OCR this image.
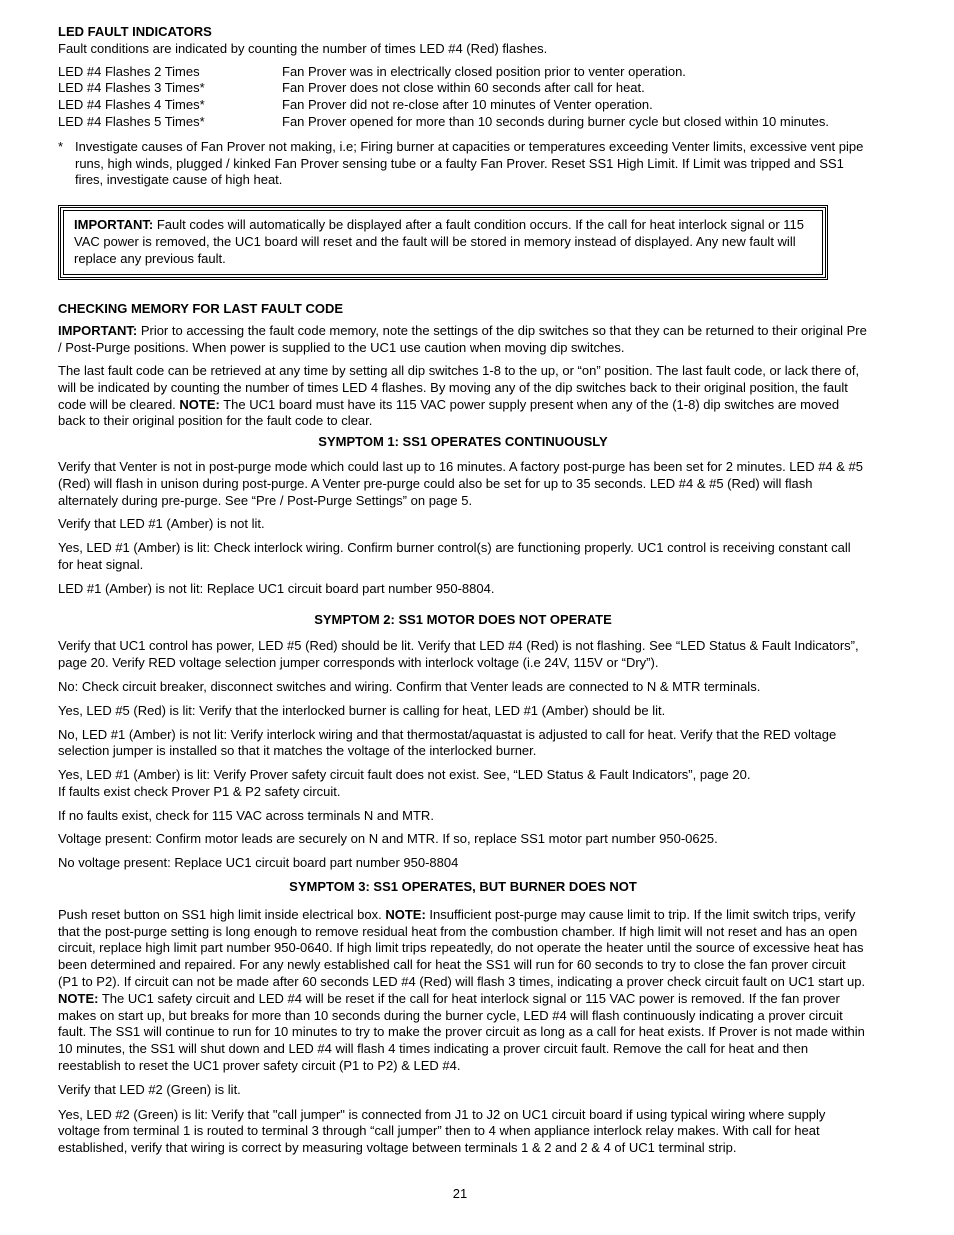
LED FAULT INDICATORS

Fault conditions are indicated by counting the number of times LED #4 (Red) flashes.

LED #4 Flashes 2 Times	Fan Prover was in electrically closed position prior to venter operation.
LED #4 Flashes 3 Times*	Fan Prover does not close within 60 seconds after call for heat.
LED #4 Flashes 4 Times*	Fan Prover did not re-close after 10 minutes of Venter operation.
LED #4 Flashes 5 Times*	Fan Prover opened for more than 10 seconds during burner cycle but closed within 10 minutes.
* Investigate causes of Fan Prover not making, i.e; Firing burner at capacities or temperatures exceeding Venter limits, excessive vent pipe runs, high winds, plugged / kinked Fan Prover sensing tube or a faulty Fan Prover. Reset SS1 High Limit. If Limit was tripped and SS1 fires, investigate cause of high heat.
IMPORTANT: Fault codes will automatically be displayed after a fault condition occurs. If the call for heat interlock signal or 115 VAC power is removed, the UC1 board will reset and the fault will be stored in memory instead of displayed. Any new fault will replace any previous fault.

CHECKING MEMORY FOR LAST FAULT CODE

IMPORTANT: Prior to accessing the fault code memory, note the settings of the dip switches so that they can be returned to their original Pre / Post-Purge positions. When power is supplied to the UC1 use caution when moving dip switches.

The last fault code can be retrieved at any time by setting all dip switches 1-8 to the up, or “on” position. The last fault code, or lack there of, will be indicated by counting the number of times LED 4 flashes. By moving any of the dip switches back to their original position, the fault code will be cleared. NOTE: The UC1 board must have its 115 VAC power supply present when any of the (1-8) dip switches are moved back to their original position for the fault code to clear.

SYMPTOM 1: SS1 OPERATES CONTINUOUSLY

Verify that Venter is not in post-purge mode which could last up to 16 minutes. A factory post-purge has been set for 2 minutes. LED #4 & #5 (Red) will flash in unison during post-purge. A Venter pre-purge could also be set for up to 35 seconds. LED #4 & #5 (Red) will flash alternately during pre-purge. See “Pre / Post-Purge Settings” on page 5.

Verify that LED #1 (Amber) is not lit.

Yes, LED #1 (Amber) is lit: Check interlock wiring. Confirm burner control(s) are functioning properly. UC1 control is receiving constant call for heat signal.

LED #1 (Amber) is not lit: Replace UC1 circuit board part number 950-8804.

SYMPTOM 2: SS1 MOTOR DOES NOT OPERATE

Verify that UC1 control has power, LED #5 (Red) should be lit. Verify that LED #4 (Red) is not flashing. See “LED Status & Fault Indicators”, page 20. Verify RED voltage selection jumper corresponds with interlock voltage (i.e 24V, 115V or “Dry”).

No: Check circuit breaker, disconnect switches and wiring. Confirm that Venter leads are connected to N & MTR terminals.

Yes, LED #5 (Red) is lit: Verify that the interlocked burner is calling for heat, LED #1 (Amber) should be lit.

No, LED #1 (Amber) is not lit: Verify interlock wiring and that thermostat/aquastat is adjusted to call for heat. Verify that the RED voltage selection jumper is installed so that it matches the voltage of the interlocked burner.

Yes, LED #1 (Amber) is lit: Verify Prover safety circuit fault does not exist. See, “LED Status & Fault Indicators”, page 20.

If faults exist check Prover P1 & P2 safety circuit.

If no faults exist, check for 115 VAC across terminals N and MTR.

Voltage present: Confirm motor leads are securely on N and MTR. If so, replace SS1 motor part number 950-0625.

No voltage present: Replace UC1 circuit board part number 950-8804

SYMPTOM 3: SS1 OPERATES, BUT BURNER DOES NOT

Push reset button on SS1 high limit inside electrical box. NOTE: Insufficient post-purge may cause limit to trip. If the limit switch trips, verify that the post-purge setting is long enough to remove residual heat from the combustion chamber. If high limit will not reset and has an open circuit, replace high limit part number 950-0640. If high limit trips repeatedly, do not operate the heater until the source of excessive heat has been determined and repaired. For any newly established call for heat the SS1 will run for 60 seconds to try to close the fan prover circuit (P1 to P2). If circuit can not be made after 60 seconds LED #4 (Red) will flash 3 times, indicating a prover check circuit fault on UC1 start up. NOTE: The UC1 safety circuit and LED #4 will be reset if the call for heat interlock signal or 115 VAC power is removed. If the fan prover makes on start up, but breaks for more than 10 seconds during the burner cycle, LED #4 will flash continuously indicating a prover circuit fault. The SS1 will continue to run for 10 minutes to try to make the prover circuit as long as a call for heat exists. If Prover is not made within 10 minutes, the SS1 will shut down and LED #4 will flash 4 times indicating a prover circuit fault. Remove the call for heat and then reestablish to reset the UC1 prover safety circuit (P1 to P2) & LED #4.

Verify that LED #2 (Green) is lit.

Yes, LED #2 (Green) is lit: Verify that "call jumper" is connected from J1 to J2 on UC1 circuit board if using typical wiring where supply voltage from terminal 1 is routed to terminal 3 through “call jumper” then to 4 when appliance interlock relay makes. With call for heat established, verify that wiring is correct by measuring voltage between terminals 1 & 2 and 2 & 4 of UC1 terminal strip.

21
